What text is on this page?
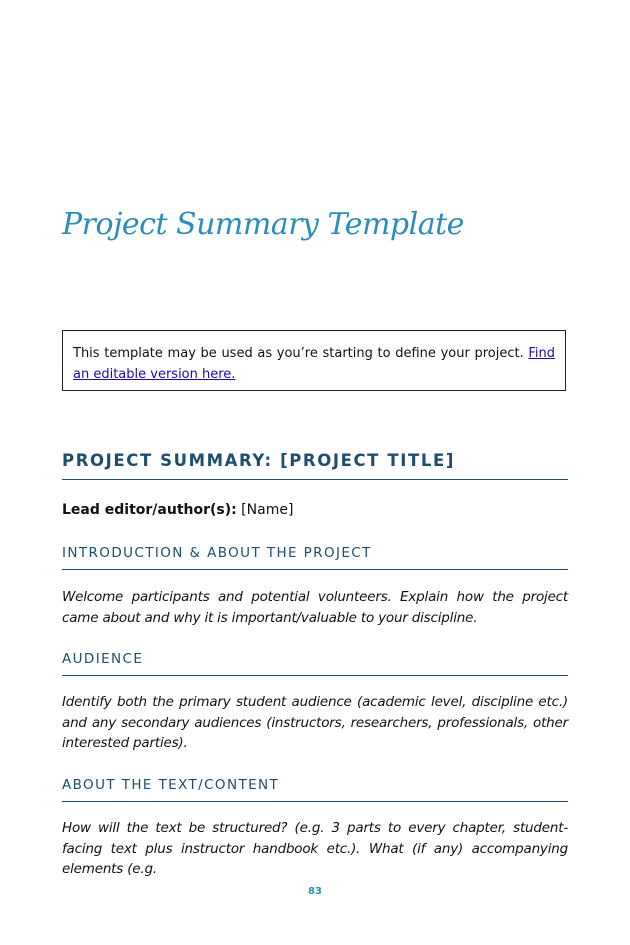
Project Summary Template
This template may be used as you’re starting to define your project. Find an editable version here.
PROJECT SUMMARY: [PROJECT TITLE]
Lead editor/author(s): [Name]
INTRODUCTION & ABOUT THE PROJECT

Welcome participants and potential volunteers. Explain how the project came about and why it is important/valuable to your discipline.

AUDIENCE

Identify both the primary student audience (academic level, discipline etc.) and any secondary audiences (instructors, researchers, professionals, other interested parties).

ABOUT THE TEXT/CONTENT

How will the text be structured? (e.g. 3 parts to every chapter, student-facing text plus instructor handbook etc.). What (if any) accompanying elements (e.g.

83
